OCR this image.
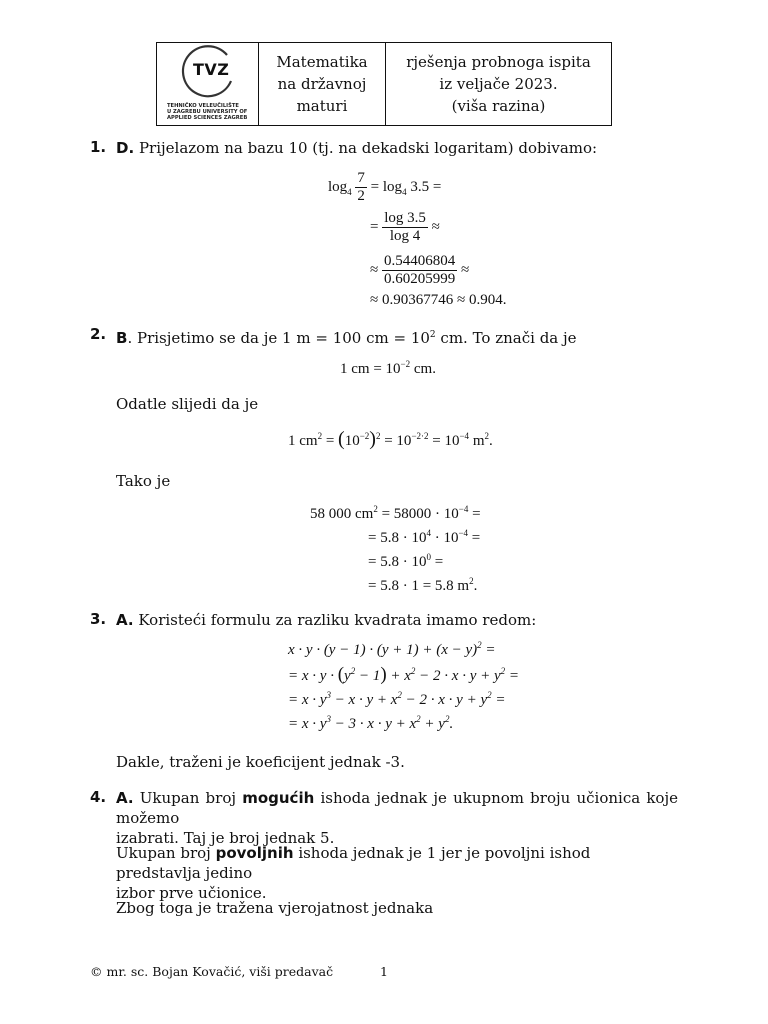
TVZ
TEHNIČKO VELEUČILIŠTE
U ZAGREBU UNIVERSITY OF
APPLIED SCIENCES ZAGREB
Matematika
na državnoj
maturi
rješenja probnoga ispita
iz veljače 2023.
(viša razina)
1. D. Prijelazom na bazu 10 (tj. na dekadski logaritam) dobivamo:
$\log_4 \frac{7}{2} = \log_4 3.5$ =
= $\frac{\log 3.5}{\log 4}$ ≈
≈ $\frac{0.54406804}{0.60205999}$ ≈
≈ 0.90367746 ≈ 0.904.
2. B. Prisjetimo se da je 1 m = 100 cm = $10^2$ cm. To znači da je
1 cm = $10^{-2}$ cm.
Odatle slijedi da je
1 $cm^2 = (10^{-2})^2 = 10^{-2\cdot 2} = 10^{-4}$ $m^2$.
Tako je
58 000 $cm^2 = 58000 \cdot 10^{-4}$ =
= $5.8 \cdot 10^4 \cdot 10^{-4}$ =
= $5.8 \cdot 10^0$ =
= 5.8 · 1 = 5.8 $m^2$.
3. A. Koristeći formulu za razliku kvadrata imamo redom:
$x \cdot y \cdot (y - 1) \cdot (y + 1) + (x - y)^2$ =
= $x \cdot y \cdot (y^2 - 1) + x^2 - 2 \cdot x \cdot y + y^2$ =
= $x \cdot y^3 - x \cdot y + x^2 - 2 \cdot x \cdot y + y^2$ =
= $x \cdot y^3 - 3 \cdot x \cdot y + x^2 + y^2$.
Dakle, traženi je koeficijent jednak -3.
4. A. Ukupan broj mogućih ishoda jednak je ukupnom broju učionica koje možemo
izabrati. Taj je broj jednak 5.
Ukupan broj povoljnih ishoda jednak je 1 jer je povoljni ishod predstavlja jedino
izbor prve učionice.
Zbog toga je tražena vjerojatnost jednaka
© mr. sc. Bojan Kovačić, viši predavač	1
